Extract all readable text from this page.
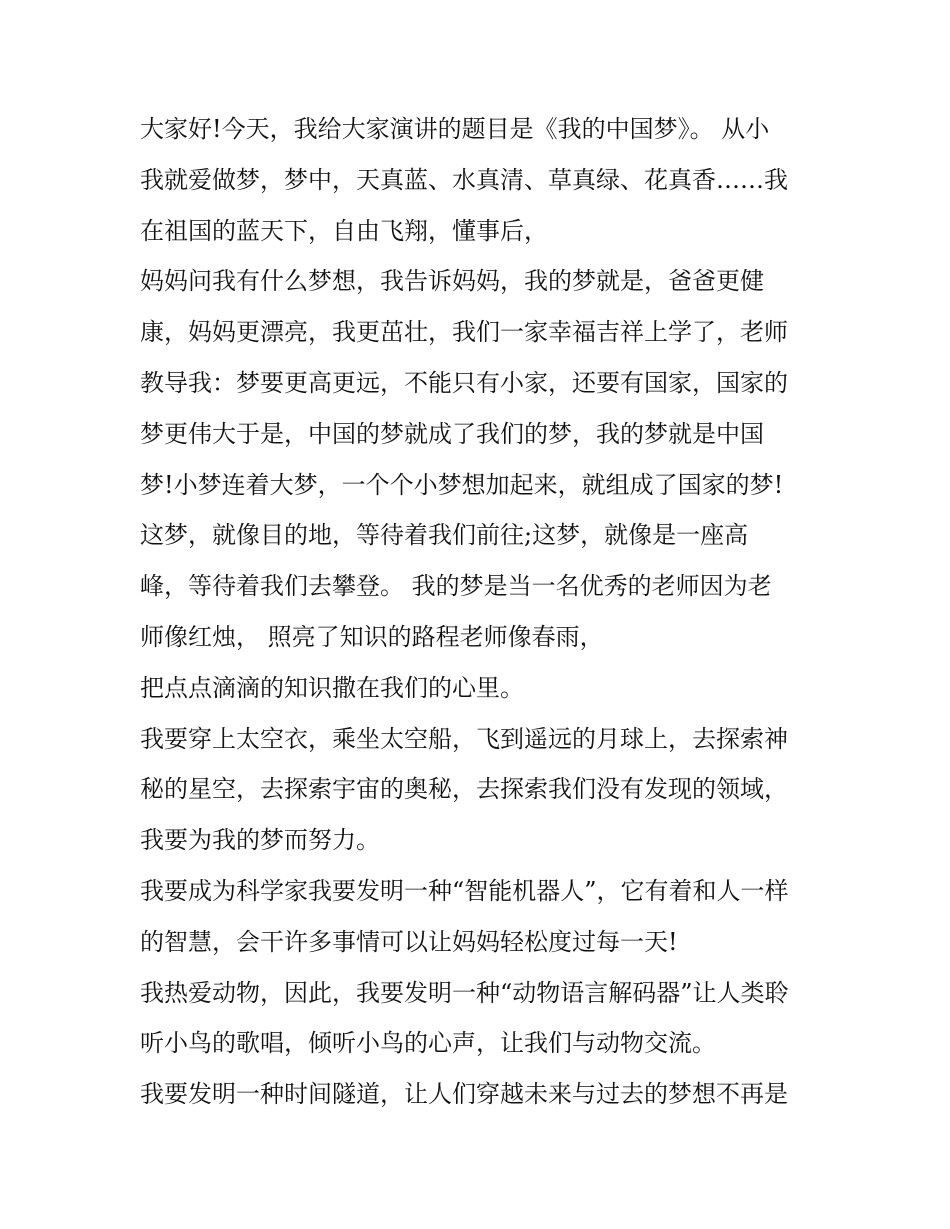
大家好!今天，我给大家演讲的题目是《我的中国梦》。 从小
我就爱做梦，梦中，天真蓝、水真清、草真绿、花真香……我
在祖国的蓝天下，自由飞翔，懂事后，
妈妈问我有什么梦想，我告诉妈妈，我的梦就是，爸爸更健
康，妈妈更漂亮，我更茁壮，我们一家幸福吉祥上学了，老师
教导我：梦要更高更远，不能只有小家，还要有国家，国家的
梦更伟大于是，中国的梦就成了我们的梦，我的梦就是中国
梦!小梦连着大梦，一个个小梦想加起来，就组成了国家的梦!
这梦，就像目的地，等待着我们前往;这梦，就像是一座高
峰，等待着我们去攀登。 我的梦是当一名优秀的老师因为老
师像红烛， 照亮了知识的路程老师像春雨，
把点点滴滴的知识撒在我们的心里。
我要穿上太空衣，乘坐太空船，飞到遥远的月球上，去探索神
秘的星空，去探索宇宙的奥秘，去探索我们没有发现的领域，
我要为我的梦而努力。
我要成为科学家我要发明一种“智能机器人”，它有着和人一样
的智慧，会干许多事情可以让妈妈轻松度过每一天!
我热爱动物，因此，我要发明一种“动物语言解码器”让人类聆
听小鸟的歌唱，倾听小鸟的心声，让我们与动物交流。
我要发明一种时间隧道，让人们穿越未来与过去的梦想不再是
